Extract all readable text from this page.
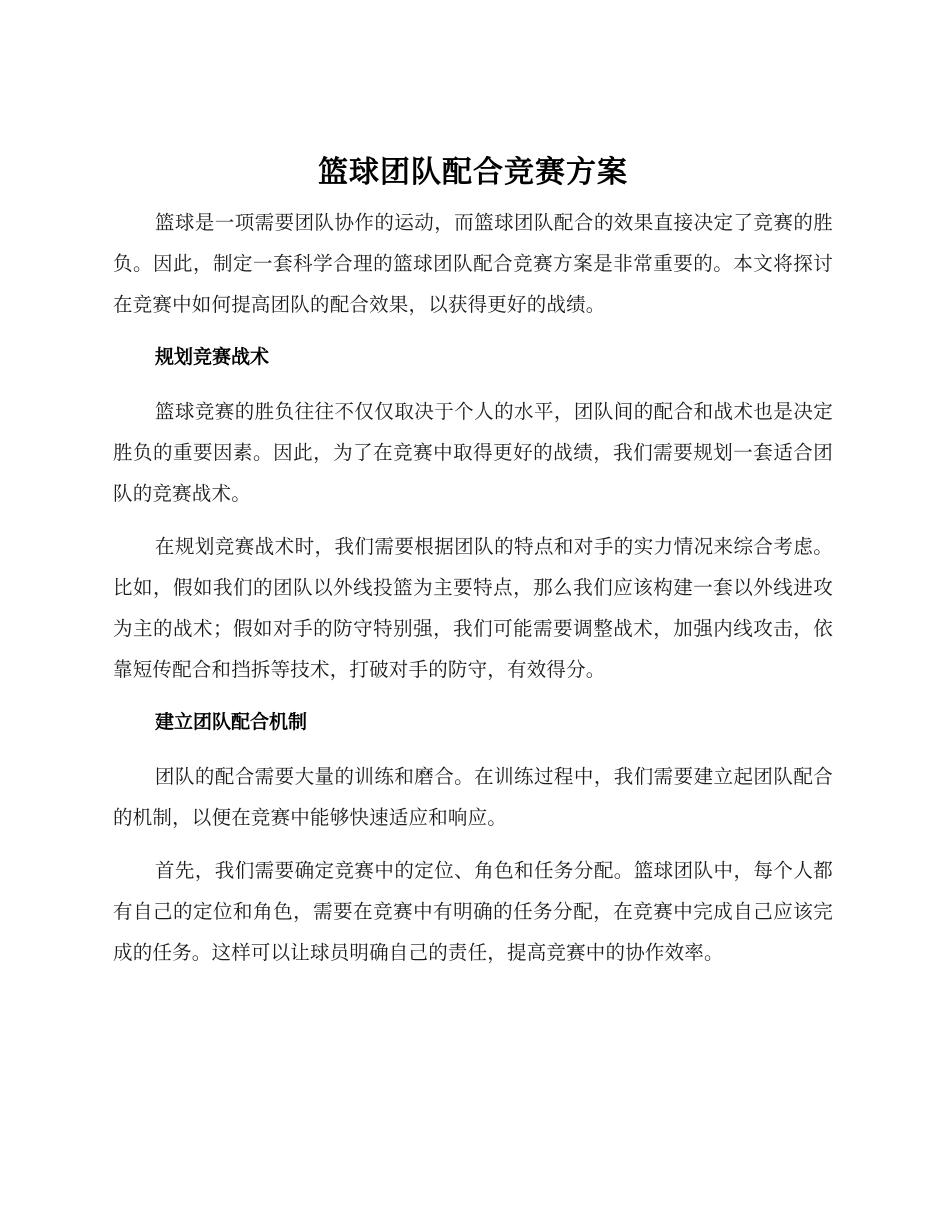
篮球团队配合竞赛方案

篮球是一项需要团队协作的运动，而篮球团队配合的效果直接决定了竞赛的胜负。因此，制定一套科学合理的篮球团队配合竞赛方案是非常重要的。本文将探讨在竞赛中如何提高团队的配合效果，以获得更好的战绩。

规划竞赛战术

篮球竞赛的胜负往往不仅仅取决于个人的水平，团队间的配合和战术也是决定胜负的重要因素。因此，为了在竞赛中取得更好的战绩，我们需要规划一套适合团队的竞赛战术。

在规划竞赛战术时，我们需要根据团队的特点和对手的实力情况来综合考虑。比如，假如我们的团队以外线投篮为主要特点，那么我们应该构建一套以外线进攻为主的战术；假如对手的防守特别强，我们可能需要调整战术，加强内线攻击，依靠短传配合和挡拆等技术，打破对手的防守，有效得分。

建立团队配合机制

团队的配合需要大量的训练和磨合。在训练过程中，我们需要建立起团队配合的机制，以便在竞赛中能够快速适应和响应。

首先，我们需要确定竞赛中的定位、角色和任务分配。篮球团队中，每个人都有自己的定位和角色，需要在竞赛中有明确的任务分配，在竞赛中完成自己应该完成的任务。这样可以让球员明确自己的责任，提高竞赛中的协作效率。
